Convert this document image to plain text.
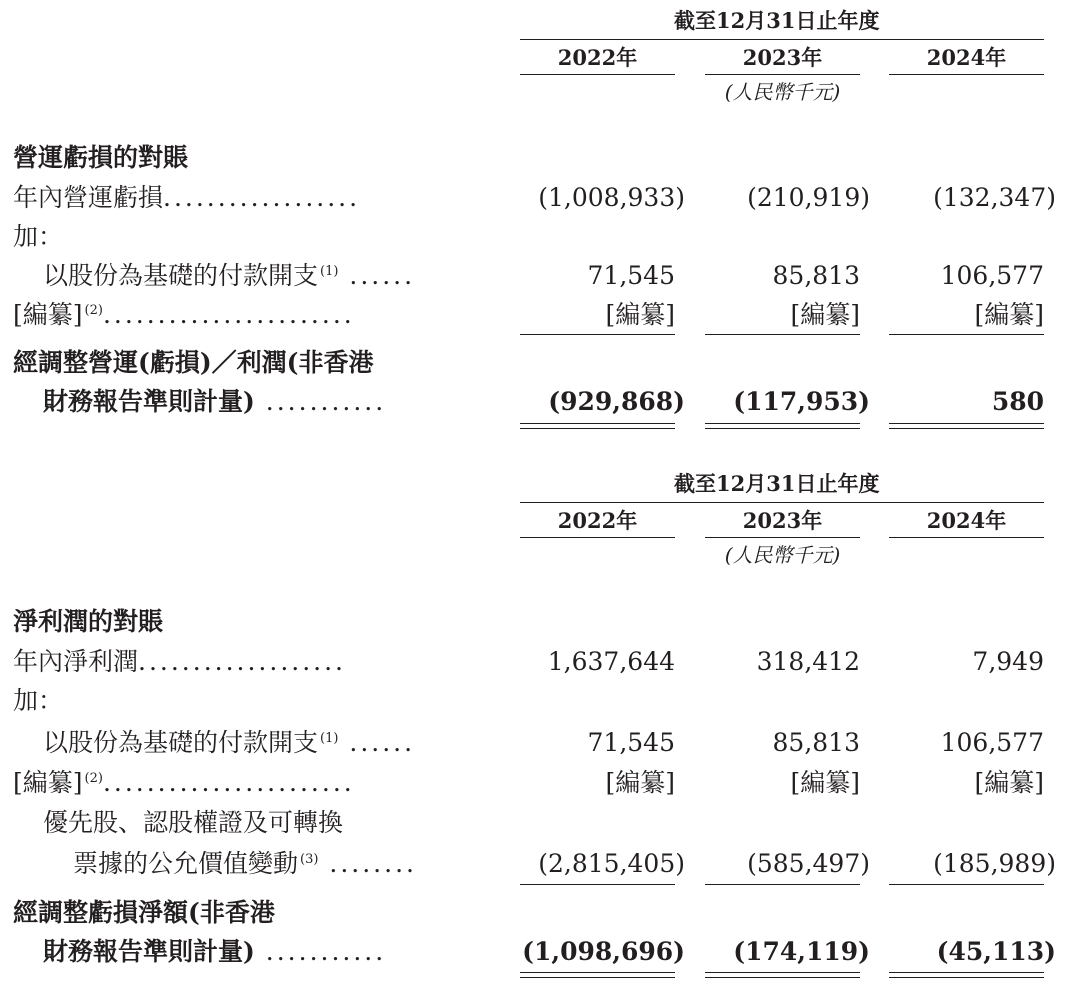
截至12月31日止年度
2022年	2023年	2024年
(人民幣千元)
營運虧損的對賬
年內營運虧損..................	(1,008,933)	(210,919)	(132,347)
加：
以股份為基礎的付款開支 $^{(1)}$ ......	71,545	85,813	106,577
[編纂] $^{(2)}$.......................	[編纂]	[編纂]	[編纂]
經調整營運(虧損)／利潤(非香港
財務報告準則計量) ...........	(929,868)	(117,953)	580
截至12月31日止年度
2022年	2023年	2024年
(人民幣千元)
淨利潤的對賬
年內淨利潤...................	1,637,644	318,412	7,949
加：
以股份為基礎的付款開支 $^{(1)}$ ......	71,545	85,813	106,577
[編纂] $^{(2)}$.......................	[編纂]	[編纂]	[編纂]
優先股、認股權證及可轉換
票據的公允價值變動 $^{(3)}$ ........	(2,815,405)	(585,497)	(185,989)
經調整虧損淨額(非香港
財務報告準則計量) ...........	(1,098,696)	(174,119)	(45,113)
